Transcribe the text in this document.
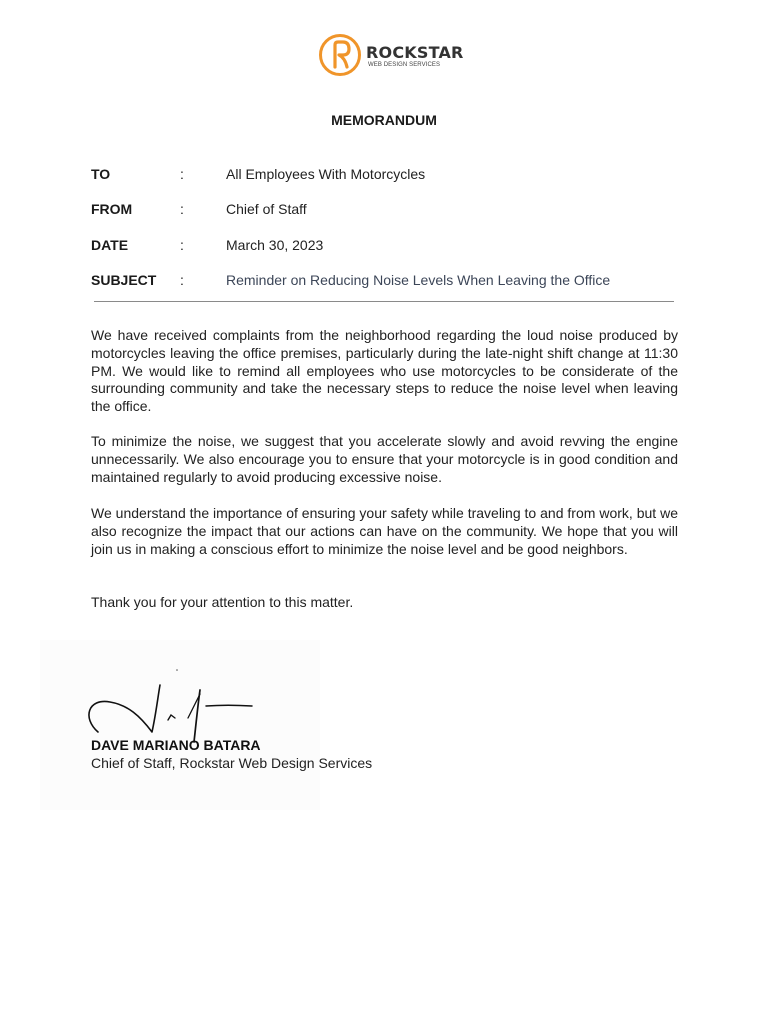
ROCKSTAR
WEB DESIGN SERVICES
MEMORANDUM
TO	:	All Employees With Motorcycles
FROM	:	Chief of Staff
DATE	:	March 30, 2023
SUBJECT :	Reminder on Reducing Noise Levels When Leaving the Office

We have received complaints from the neighborhood regarding the loud noise produced by motorcycles leaving the office premises, particularly during the late-night shift change at 11:30 PM. We would like to remind all employees who use motorcycles to be considerate of the surrounding community and take the necessary steps to reduce the noise level when leaving the office.

To minimize the noise, we suggest that you accelerate slowly and avoid revving the engine unnecessarily. We also encourage you to ensure that your motorcycle is in good condition and maintained regularly to avoid producing excessive noise.

We understand the importance of ensuring your safety while traveling to and from work, but we also recognize the impact that our actions can have on the community. We hope that you will join us in making a conscious effort to minimize the noise level and be good neighbors.

Thank you for your attention to this matter.

DAVE MARIANO BATARA
Chief of Staff, Rockstar Web Design Services
